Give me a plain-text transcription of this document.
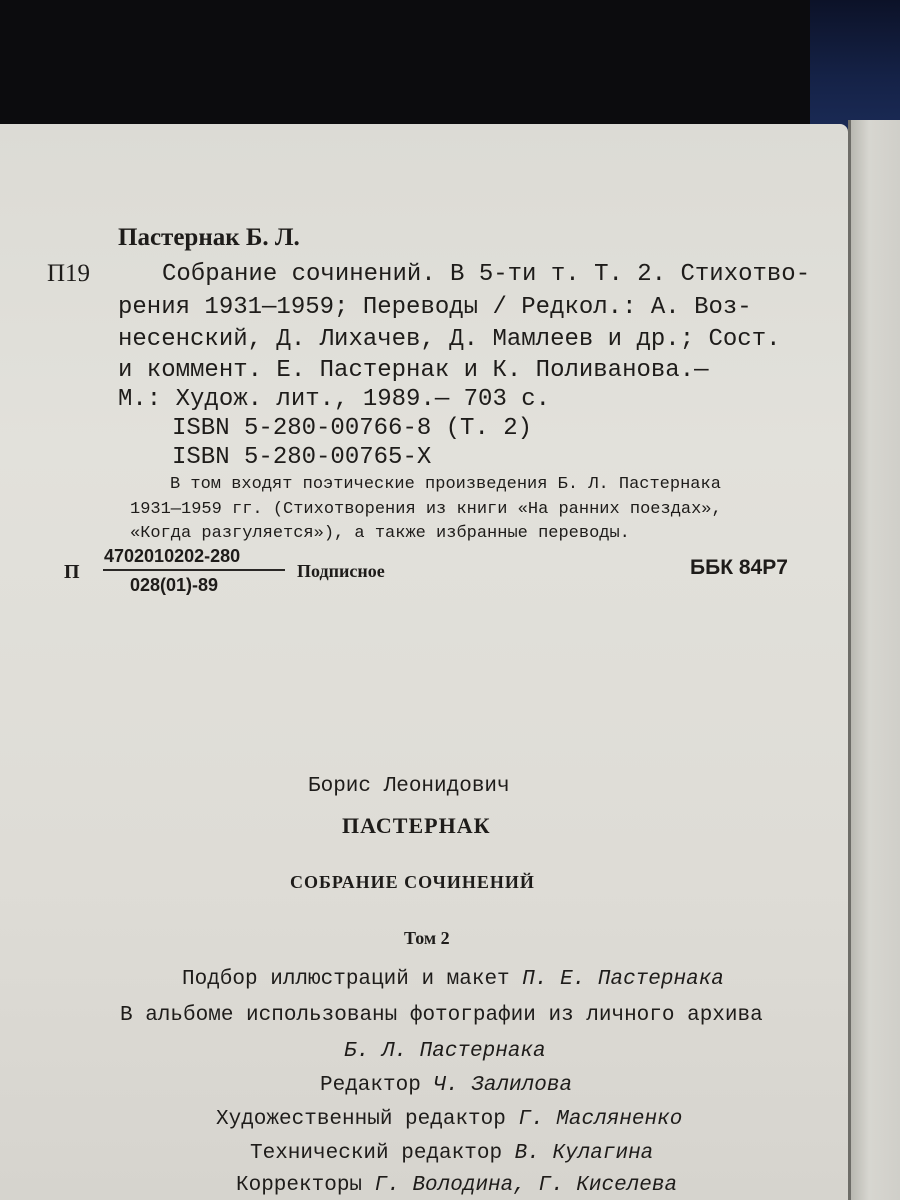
Пастернак Б. Л.
П19	Собрание сочинений. В 5-ти т. Т. 2. Стихотво-
рения 1931—1959; Переводы / Редкол.: А. Воз-
несенский, Д. Лихачев, Д. Мамлеев и др.; Сост.
и коммент. Е. Пастернак и К. Поливанова.—
М.: Худож. лит., 1989.— 703 с.
ISBN 5-280-00766-8 (Т. 2)
ISBN 5-280-00765-X
В том входят поэтические произведения Б. Л. Пастернака
1931—1959 гг. (Стихотворения из книги «На ранних поездах»,
«Когда разгуляется»), а также избранные переводы.
П
4702010202-280
028(01)-89
Подписное	ББК 84Р7
Борис Леонидович
ПАСТЕРНАК
СОБРАНИЕ СОЧИНЕНИЙ
Том 2
Подбор иллюстраций и макет П. Е. Пастернака
В альбоме использованы фотографии из личного архива
Б. Л. Пастернака
Редактор Ч. Залилова
Художественный редактор Г. Масляненко
Технический редактор В. Кулагина
Корректоры Г. Володина, Г. Киселева
